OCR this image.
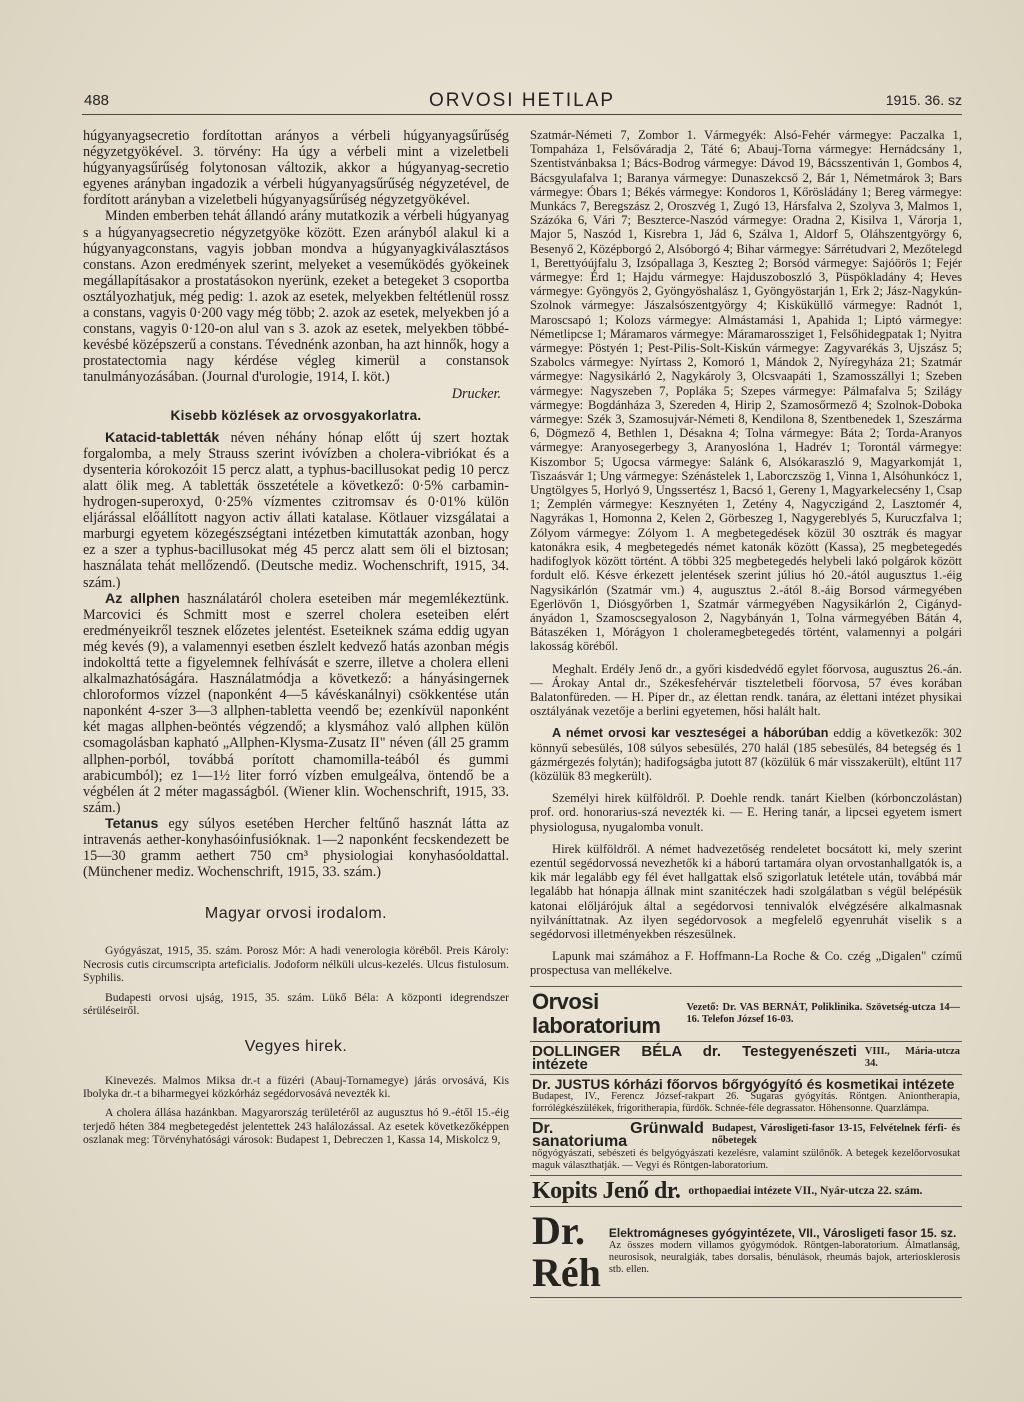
488	ORVOSI HETILAP	1915. 36. sz

húgyanyagsecretio fordítottan arányos a vérbeli húgyanyagsűrűség négyzetgyökével. 3. törvény: Ha úgy a vérbeli mint a vizeletbeli húgyanyagsűrűség folytonosan változik, akkor a húgyanyag-secretio egyenes arányban ingadozik a vérbeli húgyanyagsűrűség négyzetével, de fordított arányban a vizeletbeli húgyanyagsűrűség négyzetgyökével.

Minden emberben tehát állandó arány mutatkozik a vérbeli húgyanyag s a húgyanyagsecretio négyzetgyöke között. Ezen arányból alakul ki a húgyanyagconstans, vagyis jobban mondva a húgyanyagkiválasztásos constans. Azon eredmények szerint, melyeket a veseműködés gyökeinek megállapításakor a prostatásokon nyerünk, ezeket a betegeket 3 csoportba osztályozhatjuk, még pedig: 1. azok az esetek, melyekben feltétlenül rossz a constans, vagyis 0·200 vagy még több; 2. azok az esetek, melyekben jó a constans, vagyis 0·120-on alul van s 3. azok az esetek, melyekben többé-kevésbé középszerű a constans. Tévednénk azonban, ha azt hinnők, hogy a prostatectomia nagy kérdése végleg kimerül a constansok tanulmányozásában. (Journal d'urologie, 1914, I. köt.)

Drucker.
Kisebb közlések az orvosgyakorlatra.

Katacid-tabletták néven néhány hónap előtt új szert hoztak forgalomba, a mely Strauss szerint ivóvízben a cholera-vibriókat és a dysenteria kórokozóit 15 percz alatt, a typhus-bacillusokat pedig 10 percz alatt ölik meg. A tabletták összetétele a következő: 0·5% carbamin-hydrogen-superoxyd, 0·25% vízmentes czitromsav és 0·01% külön eljárással előállított nagyon activ állati katalase. Kötlauer vizsgálatai a marburgi egyetem közegészségtani intézetben kimutatták azonban, hogy ez a szer a typhus-bacillusokat még 45 percz alatt sem öli el biztosan; használata tehát mellőzendő. (Deutsche mediz. Wochenschrift, 1915, 34. szám.)

Az allphen használatáról cholera eseteiben már megemlékeztünk. Marcovici és Schmitt most e szerrel cholera eseteiben elért eredményeikről tesznek előzetes jelentést. Eseteiknek száma eddig ugyan még kevés (9), a valamennyi esetben észlelt kedvező hatás azonban mégis indokolttá tette a figyelemnek felhívását e szerre, illetve a cholera elleni alkalmazhatóságára. Használatmódja a következő: a hányásingernek chloroformos vízzel (naponként 4—5 kávéskanálnyi) csökkentése után naponként 4-szer 3—3 allphen-tabletta veendő be; ezenkívül naponként két magas allphen-beöntés végzendő; a klysmához való allphen külön csomagolásban kapható „Allphen-Klysma-Zusatz II" néven (áll 25 gramm allphen-porból, továbbá porított chamomilla-teából és gummi arabicumból); ez 1—1½ liter forró vízben emulgeálva, öntendő be a végbélen át 2 méter magasságból. (Wiener klin. Wochenschrift, 1915, 33. szám.)

Tetanus egy súlyos esetében Hercher feltűnő hasznát látta az intravenás aether-konyhasóinfusióknak. 1—2 naponként fecskendezett be 15—30 gramm aethert 750 cm³ physiologiai konyhasóoldattal. (Münchener mediz. Wochenschrift, 1915, 33. szám.)

Magyar orvosi irodalom.

Gyógyászat, 1915, 35. szám. Porosz Mór: A hadi venerologia köréből. Preis Károly: Necrosis cutis circumscripta arteficialis. Jodoform nélküli ulcus-kezelés. Ulcus fistulosum. Syphilis.

Budapesti orvosi ujság, 1915, 35. szám. Lükő Béla: A központi idegrendszer sérüléseiről.

Vegyes hirek.

Kinevezés. Malmos Miksa dr.-t a füzéri (Abauj-Tornamegye) járás orvosává, Kis Ibolyka dr.-t a biharmegyei közkórház segédorvosává nevezték ki.

A cholera állása hazánkban. Magyarország területéről az augusztus hó 9.-étől 15.-éig terjedő héten 384 megbetegedést jelentettek 243 halálozással. Az esetek következőképpen oszlanak meg: Törvényhatósági városok: Budapest 1, Debreczen 1, Kassa 14, Miskolcz 9,

Szatmár-Németi 7, Zombor 1. Vármegyék: Alsó-Fehér vármegye: Paczalka 1, Tompaháza 1, Felsőváradja 2, Táté 6; Abauj-Torna vármegye: Hernádcsány 1, Szentistvánbaksa 1; Bács-Bodrog vármegye: Dávod 19, Bácsszentiván 1, Gombos 4, Bácsgyulafalva 1; Baranya vármegye: Dunaszekcső 2, Bár 1, Németmárok 3; Bars vármegye: Óbars 1; Békés vármegye: Kondoros 1, Kőrösládány 1; Bereg vármegye: Munkács 7, Beregszász 2, Oroszvég 1, Zugó 13, Hársfalva 2, Szolyva 3, Malmos 1, Százóka 6, Vári 7; Beszterce-Naszód vármegye: Oradna 2, Kisilva 1, Várorja 1, Major 5, Naszód 1, Kisrebra 1, Jád 6, Szálva 1, Aldorf 5, Oláhszentgyörgy 6, Besenyő 2, Középborgó 2, Alsóborgó 4; Bihar vármegye: Sárrétudvari 2, Mezőtelegd 1, Berettyóújfalu 3, Izsópallaga 3, Keszteg 2; Borsód vármegye: Sajóörös 1; Fejér vármegye: Érd 1; Hajdu vármegye: Hajduszoboszló 3, Püspökladány 4; Heves vármegye: Gyöngyös 2, Gyöngyöshalász 1, Gyöngyöstarján 1, Erk 2; Jász-Nagykún-Szolnok vármegye: Jászalsószentgyörgy 4; Kisküküllő vármegye: Radnót 1, Maroscsapó 1; Kolozs vármegye: Almástamási 1, Apahida 1; Liptó vármegye: Németlipcse 1; Máramaros vármegye: Máramarossziget 1, Felsőhidegpatak 1; Nyitra vármegye: Pöstyén 1; Pest-Pilis-Solt-Kiskún vármegye: Zagyvarékás 3, Ujszász 5; Szabolcs vármegye: Nyírtass 2, Komoró 1, Mándok 2, Nyíregyháza 21; Szatmár vármegye: Nagysikárló 2, Nagykároly 3, Olcsvaapáti 1, Szamosszállyi 1; Szeben vármegye: Nagyszeben 7, Popláka 5; Szepes vármegye: Pálmafalva 5; Szilágy vármegye: Bogdánháza 3, Szereden 4, Hirip 2, Szamosőrmező 4; Szolnok-Doboka vármegye: Szék 3, Szamosujvár-Németi 8, Kendilona 8, Szentbenedek 1, Szeszárma 6, Dögmező 4, Bethlen 1, Désakna 4; Tolna vármegye: Báta 2; Torda-Aranyos vármegye: Aranyosegerbegy 3, Aranyoslóna 1, Hadrév 1; Torontál vármegye: Kiszombor 5; Ugocsa vármegye: Salánk 6, Alsókaraszló 9, Magyarkomját 1, Tiszaásvár 1; Ung vármegye: Szénástelek 1, Laborczszög 1, Vinna 1, Alsóhunkócz 1, Ungtölgyes 5, Horlyó 9, Ungssertész 1, Bacsó 1, Gereny 1, Magyarkelecsény 1, Csap 1; Zemplén vármegye: Kesznyéten 1, Zetény 4, Nagyczigánd 2, Lasztomér 4, Nagyrákas 1, Homonna 2, Kelen 2, Görbeszeg 1, Nagygereblyés 5, Kuruczfalva 1; Zólyom vármegye: Zólyom 1. A megbetegedések közül 30 osztrák és magyar katonákra esik, 4 megbetegedés német katonák között (Kassa), 25 megbetegedés hadifoglyok között történt. A többi 325 megbetegedés helybeli lakó polgárok között fordult elő. Késve érkezett jelentések szerint július hó 20.-ától augusztus 1.-éig Nagysikárlón (Szatmár vm.) 4, augusztus 2.-ától 8.-áig Borsod vármegyében Egerlövőn 1, Diósgyőrben 1, Szatmár vármegyében Nagysikárlón 2, Cigánydányádon 1, Szamoscsegyaloson 2, Nagybányán 1, Tolna vármegyében Bátán 4, Bátaszéken 1, Mórágyon 1 choleramegbetegedés történt, valamennyi a polgári lakosság köréből.

Meghalt. Erdély Jenő dr., a győri kisdedvédő egylet főorvosa, augusztus 26.-án. — Árokay Antal dr., Székesfehérvár tiszteletbeli főorvosa, 57 éves korában Balatonfüreden. — H. Piper dr., az élettan rendk. tanára, az élettani intézet physikai osztályának vezetője a berlini egyetemen, hősi halált halt.

A német orvosi kar veszteségei a háborúban eddig a következők: 302 könnyű sebesülés, 108 súlyos sebesülés, 270 halál (185 sebesülés, 84 betegség és 1 gázmérgezés folytán); hadifogságba jutott 87 (közülük 6 már visszakerült), eltűnt 117 (közülük 83 megkerült).

Személyi hirek külföldről. P. Doehle rendk. tanárt Kielben (kórbonczolástan) prof. ord. honorarius-szá nevezték ki. — E. Hering tanár, a lipcsei egyetem ismert physiologusa, nyugalomba vonult.

Hirek külföldről. A német hadvezetőség rendeletet bocsátott ki, mely szerint ezentúl segédorvossá nevezhetők ki a háború tartamára olyan orvostanhallgatók is, a kik már legalább egy fél évet hallgattak első szigorlatuk letétele után, továbbá már legalább hat hónapja állnak mint szanitéczek hadi szolgálatban s végül belépésük katonai előljárójuk által a segédorvosi tennivalók elvégzésére alkalmasnak nyilváníttatnak. Az ilyen segédorvosok a megfelelő egyenruhát viselik s a segédorvosi illetményekben részesülnek.

Lapunk mai számához a F. Hoffmann-La Roche & Co. czég „Digalen" czímű prospectusa van mellékelve.

Orvosi laboratorium
Vezető: Dr. VAS BERNÁT, Poliklinika. Szövetség-utcza 14—16. Telefon József 16-03.
DOLLINGER BÉLA dr. Testegyenészeti intézete
VIII., Mária-utcza 34.
Dr. JUSTUS kórházi főorvos bőrgyógyító és kosmetikai intézete
Budapest, IV., Ferencz József-rakpart 26. Sugaras gyógyítás. Röntgen. Aniontherapia, forrólégkészülékek, frigoritherapia, fürdők. Schnée-féle degrassator. Höhensonne. Quarzlámpa.
Dr. Grünwald sanatoriuma
Budapest, Városligeti-fasor 13-15, Felvételnek férfi- és nőbetegek
nőgyógyászati, sebészeti és belgyógyászati kezelésre, valamint szülőnők. A betegek kezelőorvosukat maguk választhatják. — Vegyi és Röntgen-laboratorium.
Kopits Jenő dr. orthopaediai intézete VII., Nyár-utcza 22. szám.
Dr. Réh
Elektromágneses gyógyintézete, VII., Városligeti fasor 15. sz.
Az összes modern villamos gyógymódok. Röntgen-laboratorium. Álmatlanság, neurosisok, neuralgiák, tabes dorsalis, bénulások, rheumás bajok, arteriosklerosis stb. ellen.
